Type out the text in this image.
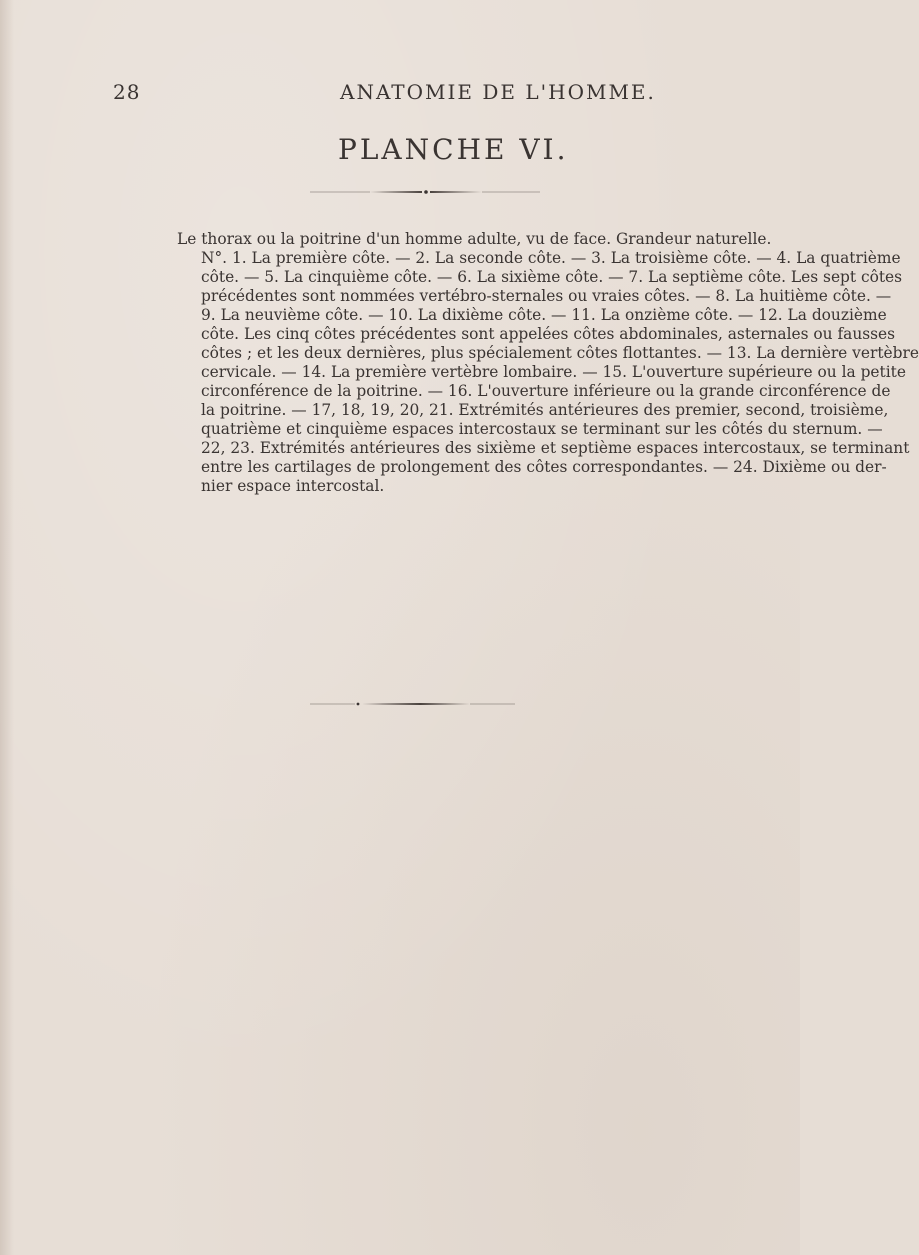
28	ANATOMIE DE L'HOMME.
PLANCHE VI.
Le thorax ou la poitrine d'un homme adulte, vu de face. Grandeur naturelle.
N°. 1. La première côte. — 2. La seconde côte. — 3. La troisième côte. — 4. La quatrième
côte. — 5. La cinquième côte. — 6. La sixième côte. — 7. La septième côte. Les sept côtes
précédentes sont nommées vertébro-sternales ou vraies côtes. — 8. La huitième côte. —
9. La neuvième côte. — 10. La dixième côte. — 11. La onzième côte. — 12. La douzième
côte. Les cinq côtes précédentes sont appelées côtes abdominales, asternales ou fausses
côtes ; et les deux dernières, plus spécialement côtes flottantes. — 13. La dernière vertèbre
cervicale. — 14. La première vertèbre lombaire. — 15. L'ouverture supérieure ou la petite
circonférence de la poitrine. — 16. L'ouverture inférieure ou la grande circonférence de
la poitrine. — 17, 18, 19, 20, 21. Extrémités antérieures des premier, second, troisième,
quatrième et cinquième espaces intercostaux se terminant sur les côtés du sternum. —
22, 23. Extrémités antérieures des sixième et septième espaces intercostaux, se terminant
entre les cartilages de prolongement des côtes correspondantes. — 24. Dixième ou der-
nier espace intercostal.
